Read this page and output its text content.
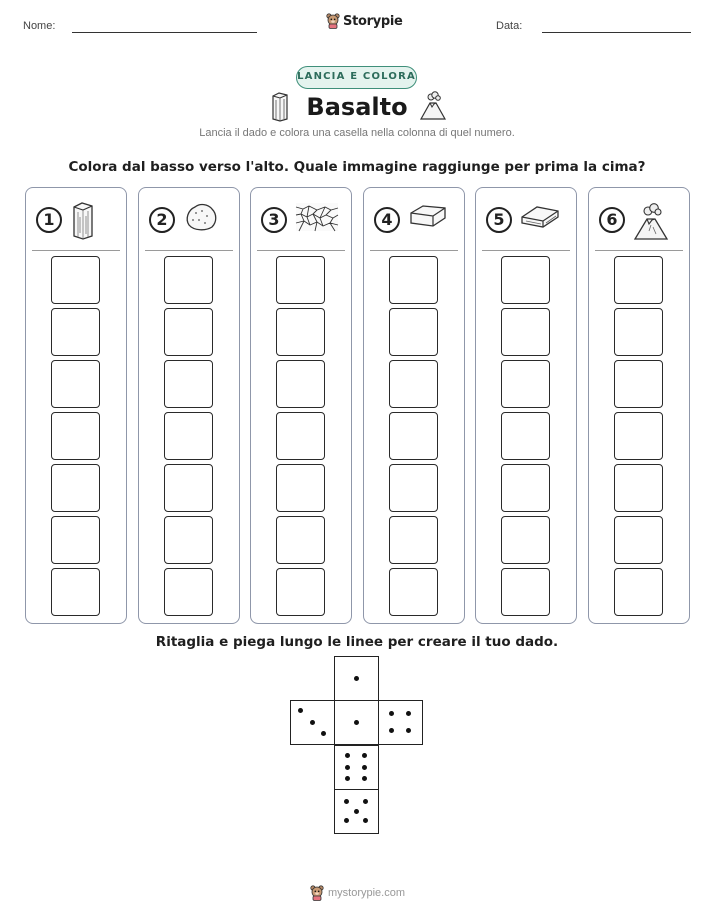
Nome:	Storypie	Data:
LANCIA E COLORA
Basalto
Lancia il dado e colora una casella nella colonna di quel numero.
Colora dal basso verso l'alto. Quale immagine raggiunge per prima la cima?
1	2	3	4	5	6
Ritaglia e piega lungo le linee per creare il tuo dado.
mystorypie.com
